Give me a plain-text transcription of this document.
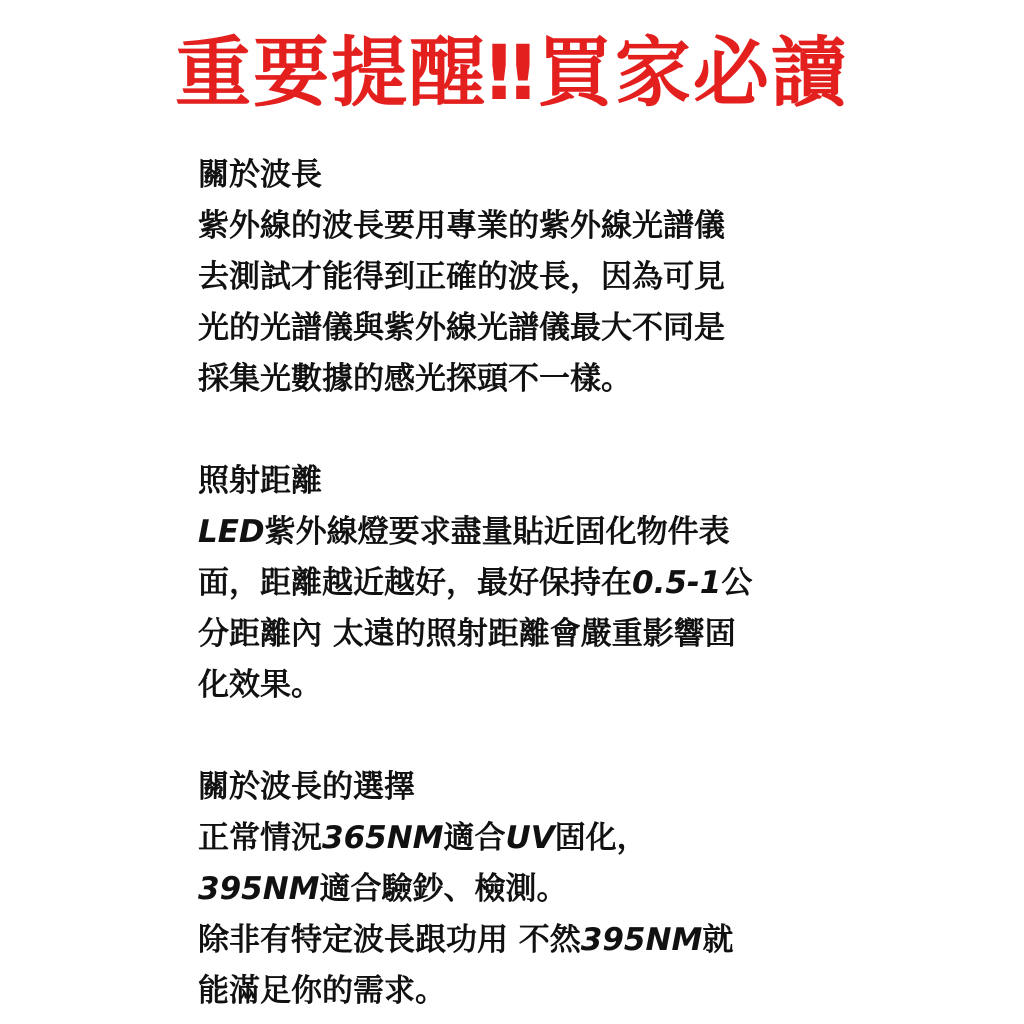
重要提醒‼買家必讀
關於波長
紫外線的波長要用專業的紫外線光譜儀
去測試才能得到正確的波長，因為可見
光的光譜儀與紫外線光譜儀最大不同是
採集光數據的感光探頭不一樣。
照射距離
LED紫外線燈要求盡量貼近固化物件表
面，距離越近越好，最好保持在0.5-1公
分距離內 太遠的照射距離會嚴重影響固
化效果。
關於波長的選擇
正常情況365NM適合UV固化，
395NM適合驗鈔、檢測。
除非有特定波長跟功用 不然395NM就
能滿足你的需求。
